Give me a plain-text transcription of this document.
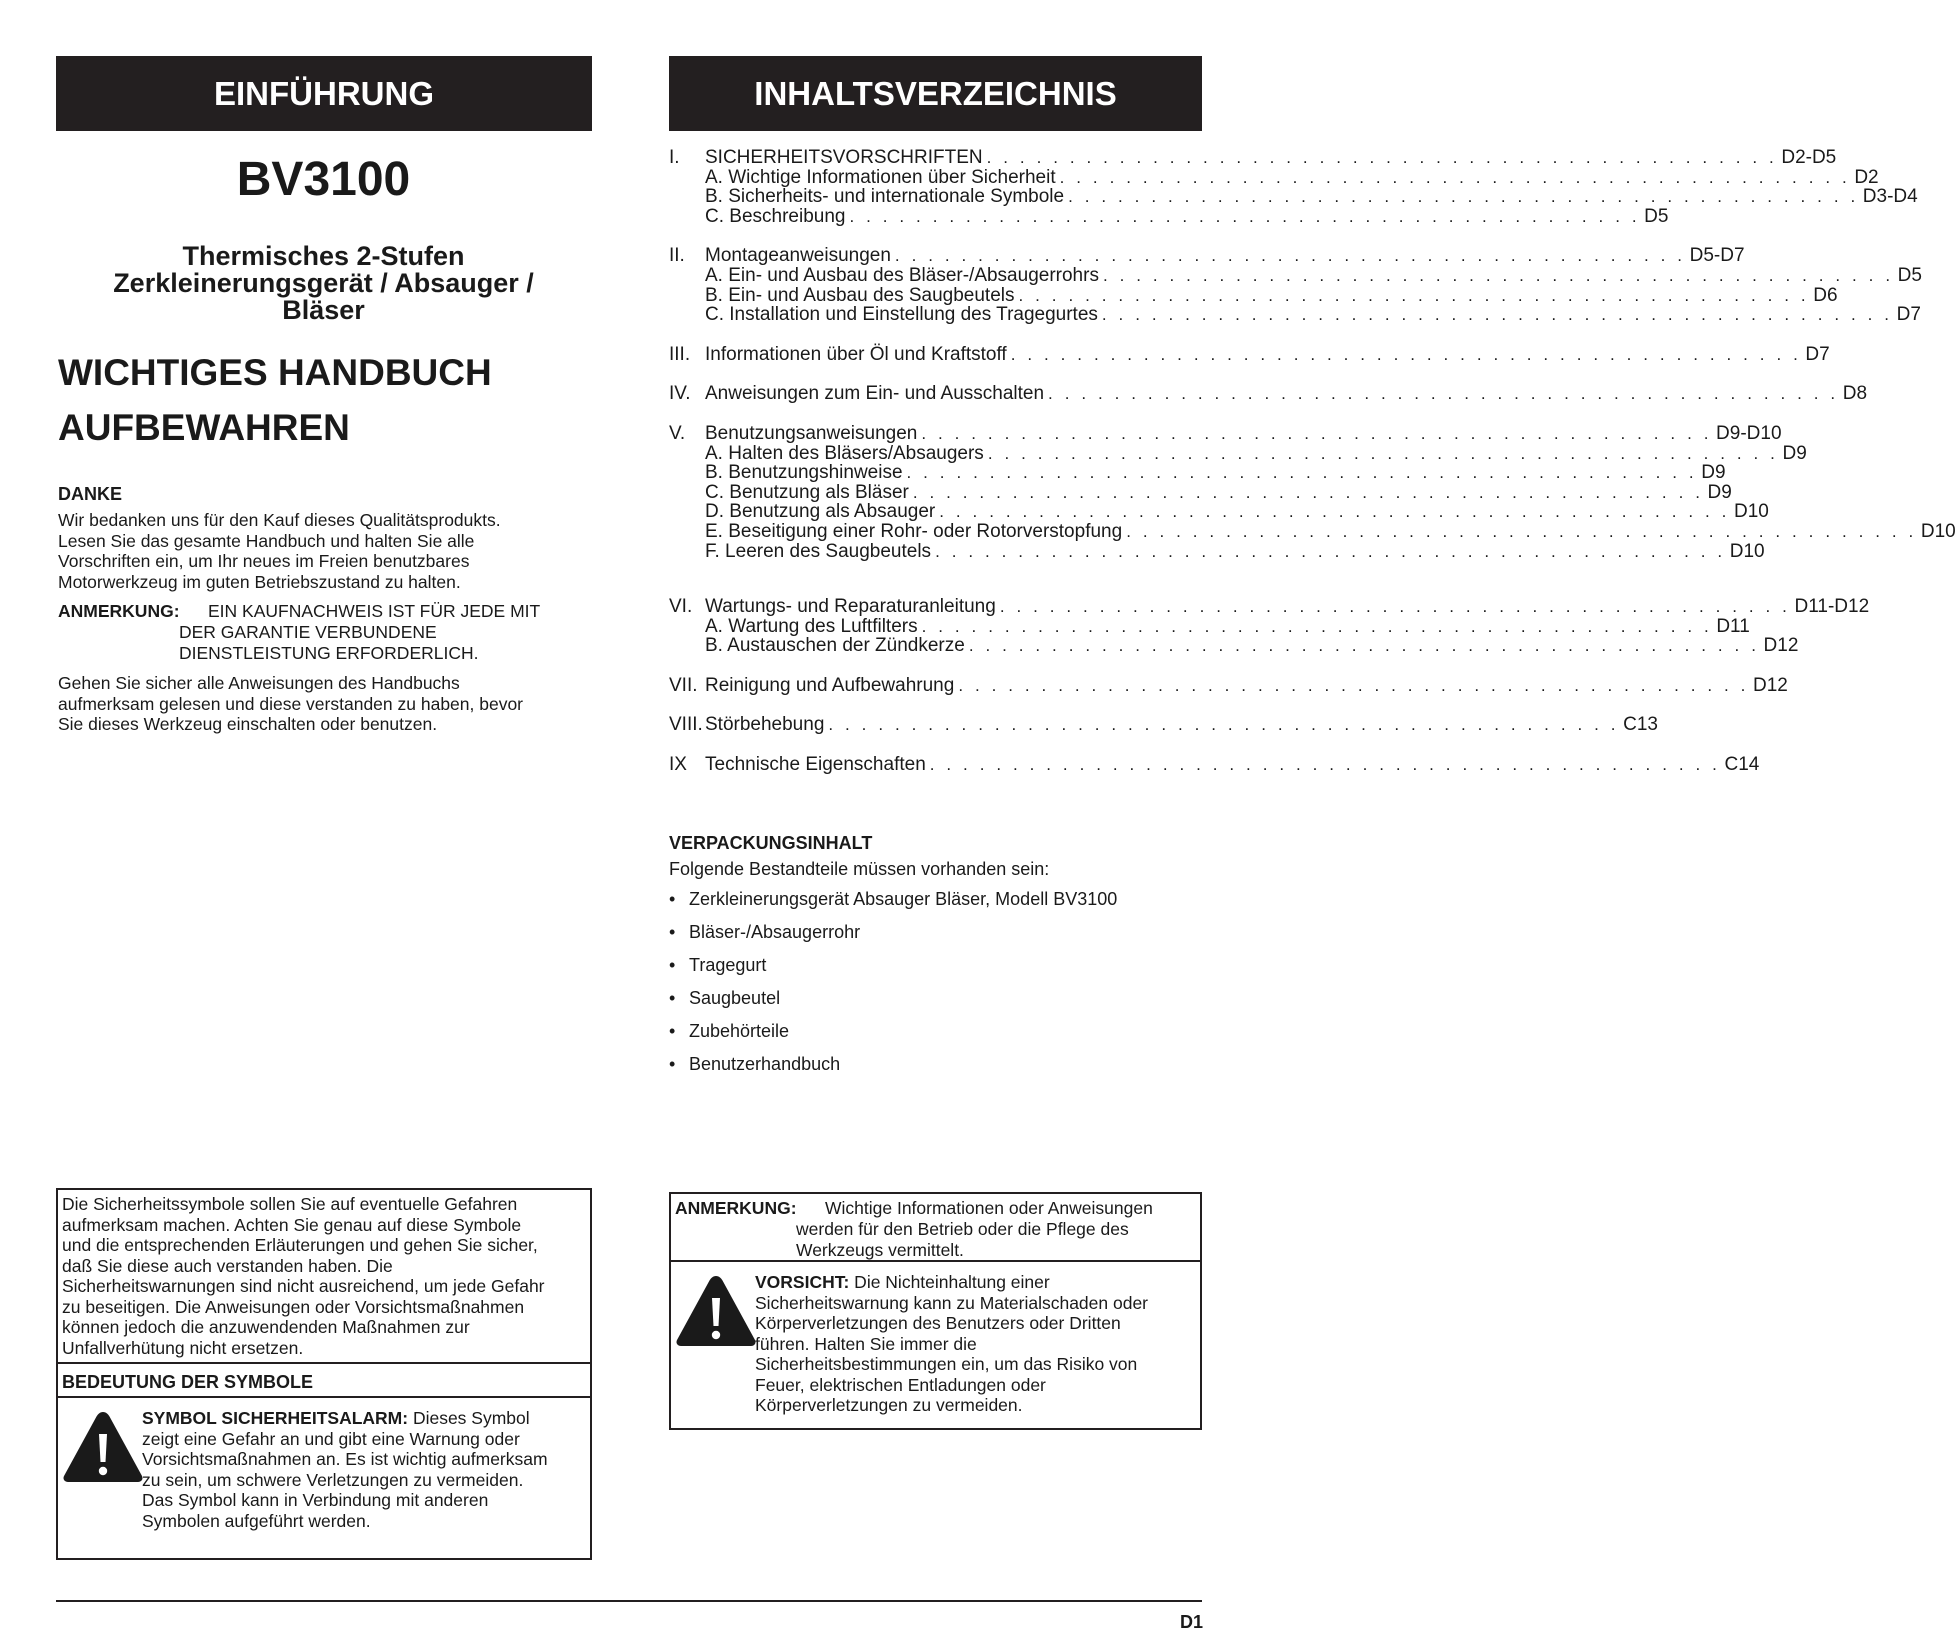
EINFÜHRUNG
BV3100
Thermisches 2-Stufen
Zerkleinerungsgerät / Absauger /
Bläser
WICHTIGES HANDBUCH
AUFBEWAHREN
DANKE
Wir bedanken uns für den Kauf dieses Qualitätsprodukts.
Lesen Sie das gesamte Handbuch und halten Sie alle
Vorschriften ein, um Ihr neues im Freien benutzbares
Motorwerkzeug im guten Betriebszustand zu halten.
ANMERKUNG:	EIN KAUFNACHWEIS IST FÜR JEDE MIT
DER GARANTIE VERBUNDENE
DIENSTLEISTUNG ERFORDERLICH.
Gehen Sie sicher alle Anweisungen des Handbuchs
aufmerksam gelesen und diese verstanden zu haben, bevor
Sie dieses Werkzeug einschalten oder benutzen.
Die Sicherheitssymbole sollen Sie auf eventuelle Gefahren
aufmerksam machen. Achten Sie genau auf diese Symbole
und die entsprechenden Erläuterungen und gehen Sie sicher,
daß Sie diese auch verstanden haben. Die
Sicherheitswarnungen sind nicht ausreichend, um jede Gefahr
zu beseitigen. Die Anweisungen oder Vorsichtsmaßnahmen
können jedoch die anzuwendenden Maßnahmen zur
Unfallverhütung nicht ersetzen.
BEDEUTUNG DER SYMBOLE
SYMBOL SICHERHEITSALARM: Dieses Symbol
zeigt eine Gefahr an und gibt eine Warnung oder
Vorsichtsmaßnahmen an. Es ist wichtig aufmerksam
zu sein, um schwere Verletzungen zu vermeiden.
Das Symbol kann in Verbindung mit anderen
Symbolen aufgeführt werden.
INHALTSVERZEICHNIS
I.	SICHERHEITSVORSCHRIFTEN . . . . . . . . . . . . . . . . . . . . . . . . . . . . . . . . . . . . . . . . . . . . . . . . D2-D5
A. Wichtige Informationen über Sicherheit . . . . . . . . . . . . . . . . . . . . . . . . . . . . . . . . . . . . . . . . . . . . . . . . D2
B. Sicherheits- und internationale Symbole . . . . . . . . . . . . . . . . . . . . . . . . . . . . . . . . . . . . . . . . . . . . . . . . D3-D4
C. Beschreibung . . . . . . . . . . . . . . . . . . . . . . . . . . . . . . . . . . . . . . . . . . . . . . . . D5
II.	Montageanweisungen . . . . . . . . . . . . . . . . . . . . . . . . . . . . . . . . . . . . . . . . . . . . . . . . D5-D7
A. Ein- und Ausbau des Bläser-/Absaugerrohrs . . . . . . . . . . . . . . . . . . . . . . . . . . . . . . . . . . . . . . . . . . . . . . . . D5
B. Ein- und Ausbau des Saugbeutels . . . . . . . . . . . . . . . . . . . . . . . . . . . . . . . . . . . . . . . . . . . . . . . . D6
C. Installation und Einstellung des Tragegurtes . . . . . . . . . . . . . . . . . . . . . . . . . . . . . . . . . . . . . . . . . . . . . . . . D7
III. Informationen über Öl und Kraftstoff . . . . . . . . . . . . . . . . . . . . . . . . . . . . . . . . . . . . . . . . . . . . . . . . D7
IV. Anweisungen zum Ein- und Ausschalten . . . . . . . . . . . . . . . . . . . . . . . . . . . . . . . . . . . . . . . . . . . . . . . . D8
V.	Benutzungsanweisungen . . . . . . . . . . . . . . . . . . . . . . . . . . . . . . . . . . . . . . . . . . . . . . . . D9-D10
A. Halten des Bläsers/Absaugers . . . . . . . . . . . . . . . . . . . . . . . . . . . . . . . . . . . . . . . . . . . . . . . . D9
B. Benutzungshinweise . . . . . . . . . . . . . . . . . . . . . . . . . . . . . . . . . . . . . . . . . . . . . . . . D9
C. Benutzung als Bläser . . . . . . . . . . . . . . . . . . . . . . . . . . . . . . . . . . . . . . . . . . . . . . . . D9
D. Benutzung als Absauger . . . . . . . . . . . . . . . . . . . . . . . . . . . . . . . . . . . . . . . . . . . . . . . . D10
E. Beseitigung einer Rohr- oder Rotorverstopfung . . . . . . . . . . . . . . . . . . . . . . . . . . . . . . . . . . . . . . . . . . . . . . . . D10
F. Leeren des Saugbeutels . . . . . . . . . . . . . . . . . . . . . . . . . . . . . . . . . . . . . . . . . . . . . . . . D10
VI. Wartungs- und Reparaturanleitung . . . . . . . . . . . . . . . . . . . . . . . . . . . . . . . . . . . . . . . . . . . . . . . . D11-D12
A. Wartung des Luftfilters . . . . . . . . . . . . . . . . . . . . . . . . . . . . . . . . . . . . . . . . . . . . . . . . D11
B. Austauschen der Zündkerze . . . . . . . . . . . . . . . . . . . . . . . . . . . . . . . . . . . . . . . . . . . . . . . . D12
VII. Reinigung und Aufbewahrung . . . . . . . . . . . . . . . . . . . . . . . . . . . . . . . . . . . . . . . . . . . . . . . . D12
VIII. Störbehebung . . . . . . . . . . . . . . . . . . . . . . . . . . . . . . . . . . . . . . . . . . . . . . . . C13
IX Technische Eigenschaften . . . . . . . . . . . . . . . . . . . . . . . . . . . . . . . . . . . . . . . . . . . . . . . . C14
VERPACKUNGSINHALT
Folgende Bestandteile müssen vorhanden sein:
• Zerkleinerungsgerät Absauger Bläser, Modell BV3100
• Bläser-/Absaugerrohr
• Tragegurt
• Saugbeutel
• Zubehörteile
• Benutzerhandbuch
ANMERKUNG:	Wichtige Informationen oder Anweisungen
werden für den Betrieb oder die Pflege des
Werkzeugs vermittelt.
VORSICHT: Die Nichteinhaltung einer
Sicherheitswarnung kann zu Materialschaden oder
Körperverletzungen des Benutzers oder Dritten
führen. Halten Sie immer die
Sicherheitsbestimmungen ein, um das Risiko von
Feuer, elektrischen Entladungen oder
Körperverletzungen zu vermeiden.
D1
